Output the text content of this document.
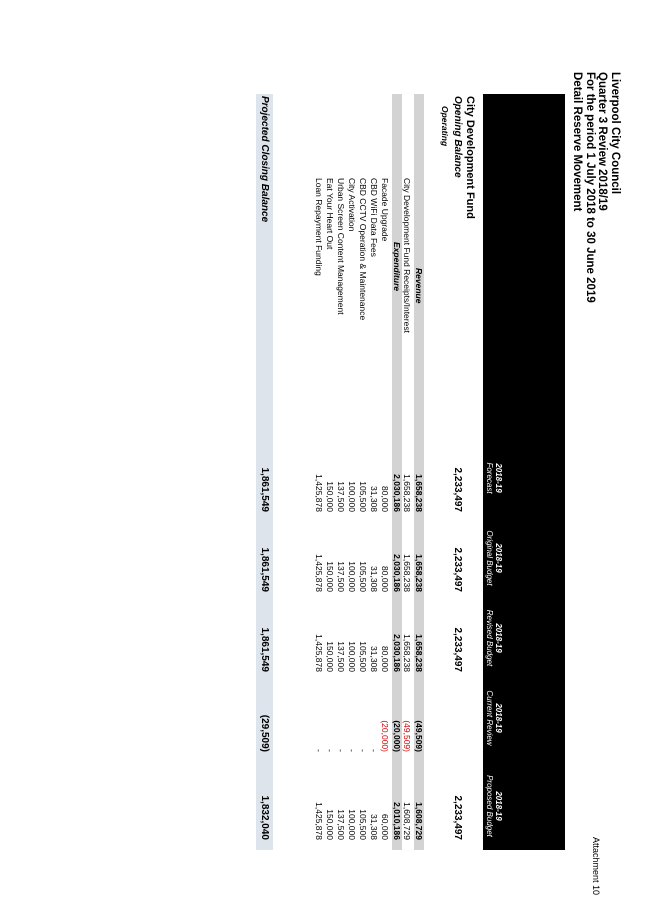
Attachment 10
Liverpool City Council
Quarter 3 Review 2018/19
For the period 1 July 2018 to 30 June 2019
Detail Reserve Movement
2018-19
Forecast
2018-19
Original Budget
2018-19
Revised Budget
2018-19
Current Review
2018-19
Proposed Budget
City Development Fund
Opening Balance
2,233,497
2,233,497
2,233,497
2,233,497
Operating
Revenue
1,658,238
1,658,238
1,658,238
(49,509)
1,608,729
City Development Fund Receipts/Interest
1,658,238
1,658,238
1,658,238
(49,509)
1,608,729
Expenditure
2,030,186
2,030,186
2,030,186
(20,000)
2,010,186
Facade Upgrade
80,000
80,000
80,000
(20,000)
60,000
CBD WiFi Data Fees
31,308
31,308
31,308
-
31,308
CBD CCTV Operation & Maintenance
105,500
105,500
105,500
-
105,500
City Activation
100,000
100,000
100,000
-
100,000
Urban Screen Content Management
137,500
137,500
137,500
-
137,500
Eat Your Heart Out
150,000
150,000
150,000
-
150,000
Loan Repayment Funding
1,425,878
1,425,878
1,425,878
-
1,425,878
Projected Closing Balance
1,861,549
1,861,549
1,861,549
(29,509)
1,832,040
